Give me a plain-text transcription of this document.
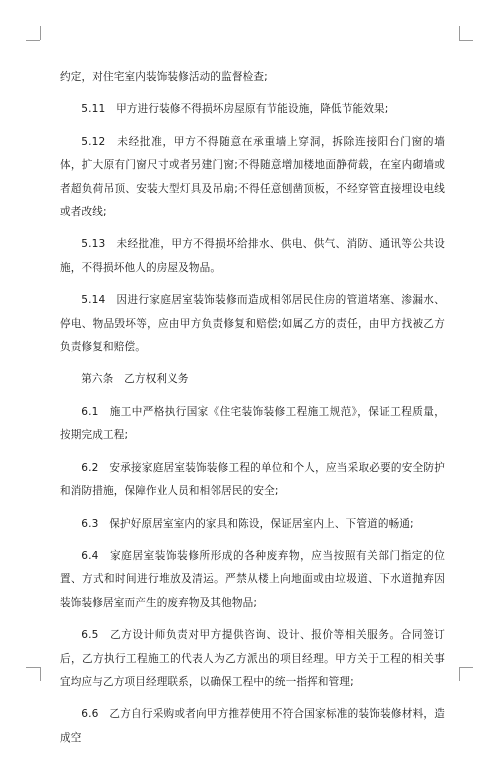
约定，对住宅室内装饰装修活动的监督检查;

5.11　甲方进行装修不得损坏房屋原有节能设施，降低节能效果;

5.12　未经批准，甲方不得随意在承重墙上穿洞，拆除连接阳台门窗的墙体，扩大原有门窗尺寸或者另建门窗;不得随意增加楼地面静荷载，在室内砌墙或者超负荷吊顶、安装大型灯具及吊扇;不得任意刨凿顶板，不经穿管直接埋设电线或者改线;

5.13　未经批准，甲方不得损坏给排水、供电、供气、消防、通讯等公共设施，不得损坏他人的房屋及物品。

5.14　因进行家庭居室装饰装修而造成相邻居民住房的管道堵塞、渗漏水、停电、物品毁坏等，应由甲方负责修复和赔偿;如属乙方的责任，由甲方找被乙方负责修复和赔偿。

第六条　乙方权利义务

6.1　施工中严格执行国家《住宅装饰装修工程施工规范》，保证工程质量，按期完成工程;

6.2　安承接家庭居室装饰装修工程的单位和个人，应当采取必要的安全防护和消防措施，保障作业人员和相邻居民的安全;

6.3　保护好原居室室内的家具和陈设，保证居室内上、下管道的畅通;

6.4　家庭居室装饰装修所形成的各种废弃物，应当按照有关部门指定的位置、方式和时间进行堆放及清运。严禁从楼上向地面或由垃圾道、下水道抛弃因装饰装修居室而产生的废弃物及其他物品;

6.5　乙方设计师负责对甲方提供咨询、设计、报价等相关服务。合同签订后，乙方执行工程施工的代表人为乙方派出的项目经理。甲方关于工程的相关事宜均应与乙方项目经理联系，以确保工程中的统一指挥和管理;

6.6　乙方自行采购或者向甲方推荐使用不符合国家标准的装饰装修材料，造成空
